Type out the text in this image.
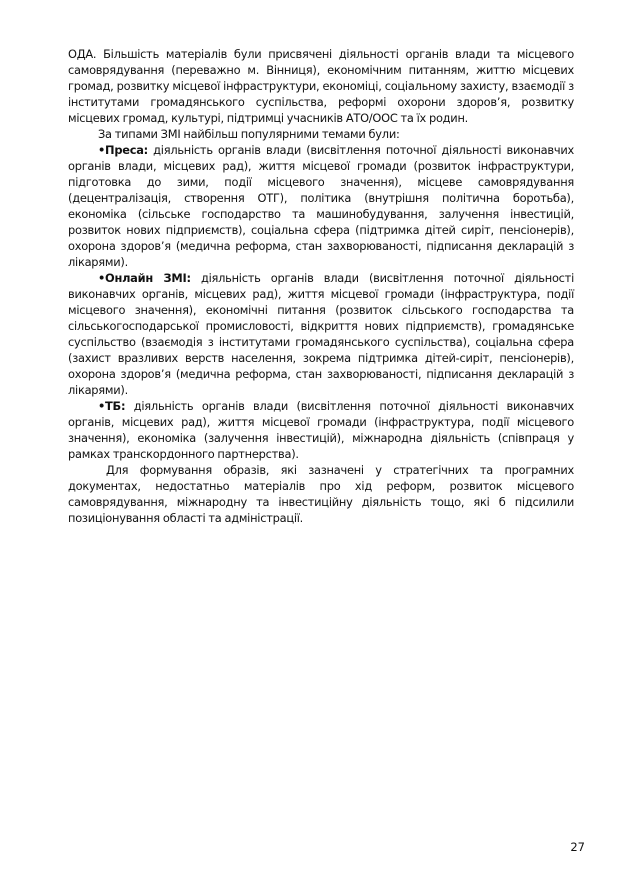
ОДА. Більшість матеріалів були присвячені діяльності органів влади та місцевого самоврядування (переважно м. Вінниця), економічним питанням, життю місцевих громад, розвитку місцевої інфраструктури, економіці, соціальному захисту, взаємодії з інститутами громадянського суспільства, реформі охорони здоров’я, розвитку місцевих громад, культурі, підтримці учасників АТО/ООС та їх родин.

За типами ЗМІ найбільш популярними темами були:

•Преса: діяльність органів влади (висвітлення поточної діяльності виконавчих органів влади, місцевих рад), життя місцевої громади (розвиток інфраструктури, підготовка до зими, події місцевого значення), місцеве самоврядування (децентралізація, створення ОТГ), політика (внутрішня політична боротьба), економіка (сільське господарство та машинобудування, залучення інвестицій, розвиток нових підприємств), соціальна сфера (підтримка дітей сиріт, пенсіонерів), охорона здоров’я (медична реформа, стан захворюваності, підписання декларацій з лікарями).

•Онлайн ЗМІ: діяльність органів влади (висвітлення поточної діяльності виконавчих органів, місцевих рад), життя місцевої громади (інфраструктура, події місцевого значення), економічні питання (розвиток сільського господарства та сільськогосподарської промисловості, відкриття нових підприємств), громадянське суспільство (взаємодія з інститутами громадянського суспільства), соціальна сфера (захист вразливих верств населення, зокрема підтримка дітей-сиріт, пенсіонерів), охорона здоров’я (медична реформа, стан захворюваності, підписання декларацій з лікарями).

•ТБ: діяльність органів влади (висвітлення поточної діяльності виконавчих органів, місцевих рад), життя місцевої громади (інфраструктура, події місцевого значення), економіка (залучення інвестицій), міжнародна діяльність (співпраця у рамках транскордонного партнерства).

Для формування образів, які зазначені у стратегічних та програмних документах, недостатньо матеріалів про хід реформ, розвиток місцевого самоврядування, міжнародну та інвестиційну діяльність тощо, які б підсилили позиціонування області та адміністрації.

27
